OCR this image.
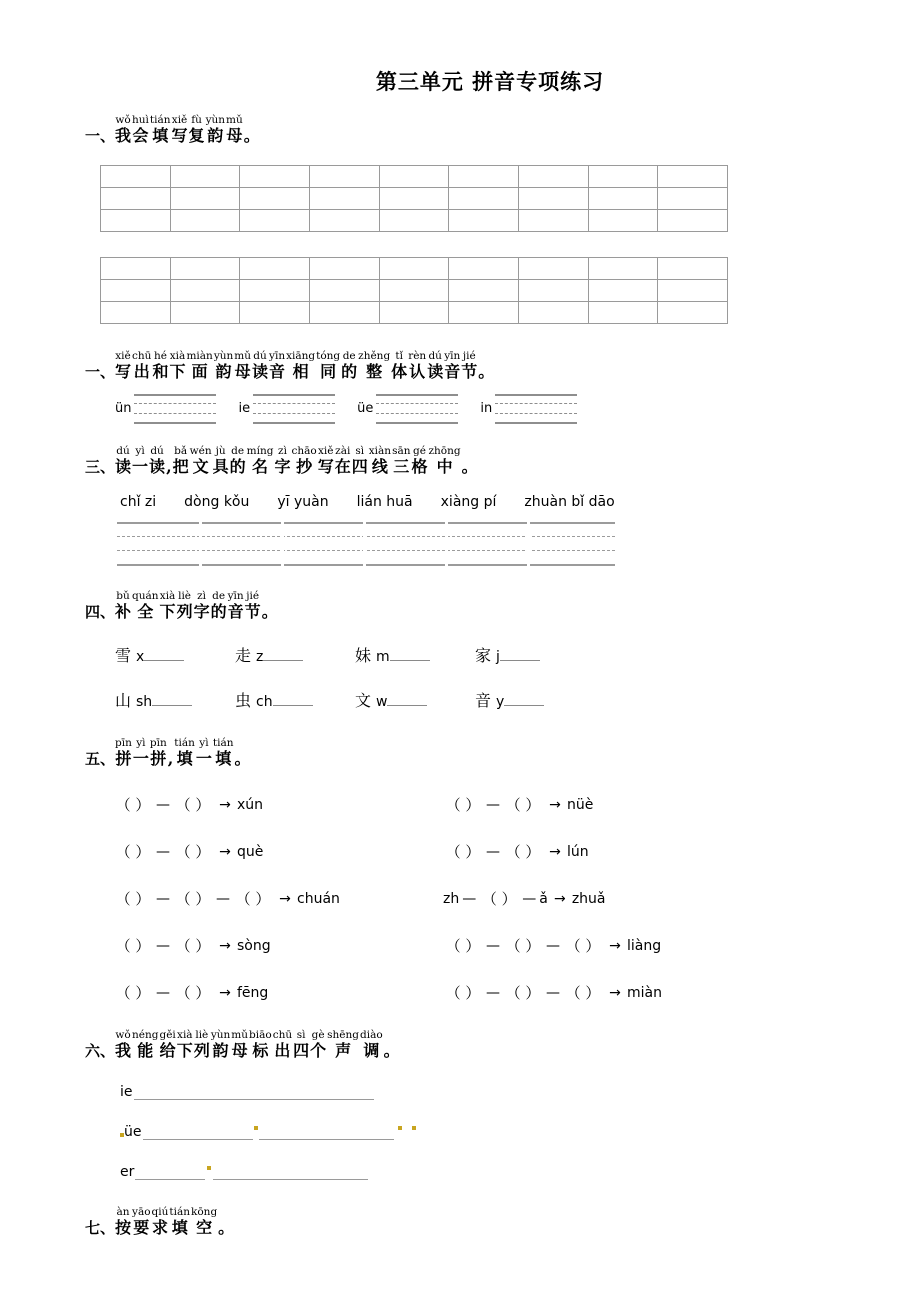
第三单元 拼音专项练习
一、
wǒ
我
huì
会
tián
填
xiě
写
fù
复
yùn
韵
mǔ
母 。

一、
xiě
写
chū
出
hé
和
xià
下
miàn
面
yùn
韵
mǔ
母
dú
读
yīn
音
xiāng
相
tóng
同
de
的
zhěng
整
tǐ
体
rèn
认
dú
读
yīn
音
jié
节 。
ün	ie	üe	in
三、
dú
读
yì
一
dú
读
,
bǎ
把
wén
文
jù
具
de
的
míng
名
zì
字
chāo
抄
xiě
写
zài
在
sì
四
xiàn
线
sān
三
gé
格
zhōng
中 。
chǐ zi dòng kǒu yī yuàn lián huā xiàng pí zhuàn bǐ dāo
四、
bǔ
补
quán
全
xià
下
liè
列
zì
字
de
的
yīn
音
jié
节 。
雪 x	走 z	妹 m	家 j
山 sh	虫 ch	文 w	音 y
五、
pīn
拼
yì
一
pīn
拼
,
tián
填
yì
一
tián
填 。
（ ） — （ ） → xún	（ ） — （ ） → nüè
（ ） — （ ） → què	（ ） — （ ） → lún
（ ） — （ ） — （ ） → chuán	zh — （ ） — ǎ → zhuǎ
（ ） — （ ） → sòng	（ ） — （ ） — （ ） → liàng
（ ） — （ ） → fēng	（ ） — （ ） — （ ） → miàn
六、
wǒ
我
néng
能
gěi
给
xià
下
liè
列
yùn
韵
mǔ
母
biāo
标
chū
出
sì
四
gè
个
shēng
声
diào
调 。
ie
üe
er
七、
àn
按
yāo
要
qiú
求
tián
填
kōng
空 。
